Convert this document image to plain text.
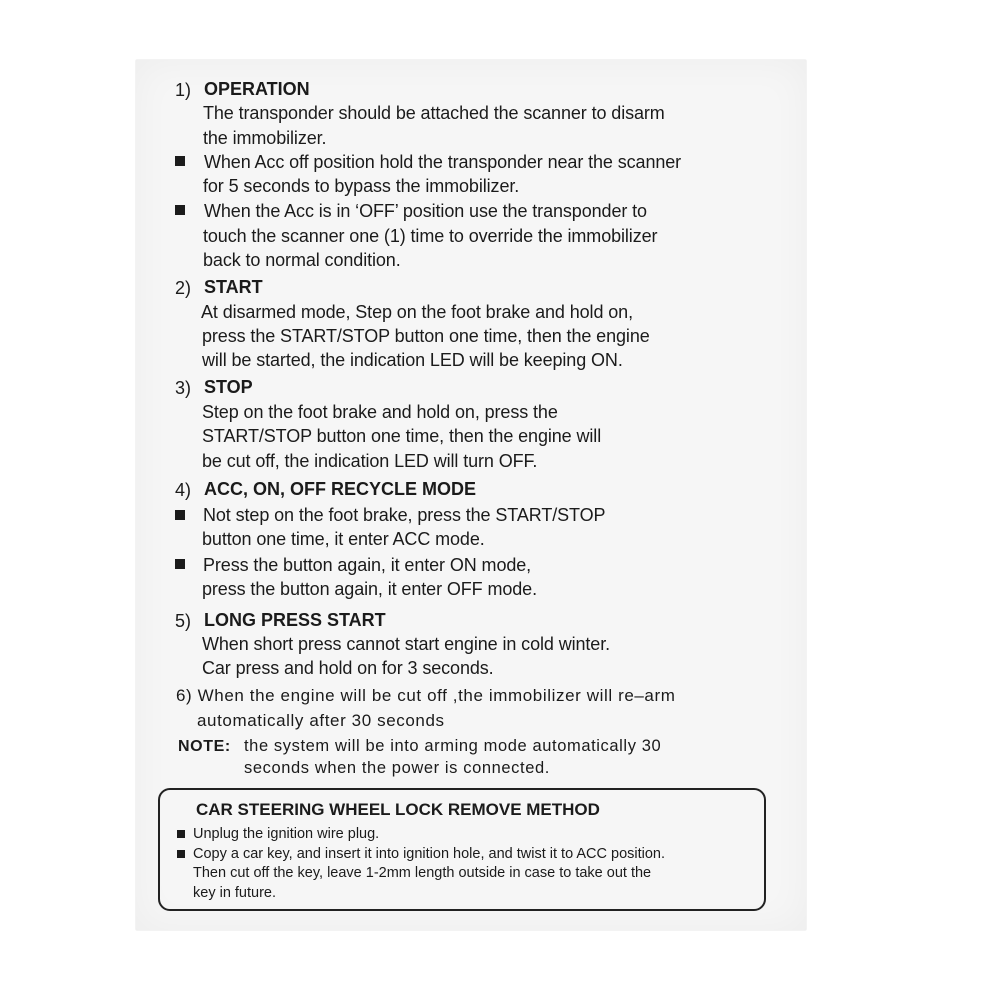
1) OPERATION
The transponder should be attached the scanner to disarm
the immobilizer.
When Acc off position hold the transponder near the scanner
for 5 seconds to bypass the immobilizer.
When the Acc is in ‘OFF’ position use the transponder to
touch the scanner one (1) time to override the immobilizer
back to normal condition.
2) START
At disarmed mode, Step on the foot brake and hold on,
press the START/STOP button one time, then the engine
will be started, the indication LED will be keeping ON.
3) STOP
Step on the foot brake and hold on, press the
START/STOP button one time, then the engine will
be cut off, the indication LED will turn OFF.
4) ACC, ON, OFF RECYCLE MODE
Not step on the foot brake, press the START/STOP
button one time, it enter ACC mode.
Press the button again, it enter ON mode,
press the button again, it enter OFF mode.
5) LONG PRESS START
When short press cannot start engine in cold winter.
Car press and hold on for 3 seconds.
6) When the engine will be cut off ,the immobilizer will re–arm
automatically after 30 seconds
NOTE: the system will be into arming mode automatically 30
seconds when the power is connected.
CAR STEERING WHEEL LOCK REMOVE METHOD
Unplug the ignition wire plug.
Copy a car key, and insert it into ignition hole, and twist it to ACC position.
Then cut off the key, leave 1-2mm length outside in case to take out the
key in future.
